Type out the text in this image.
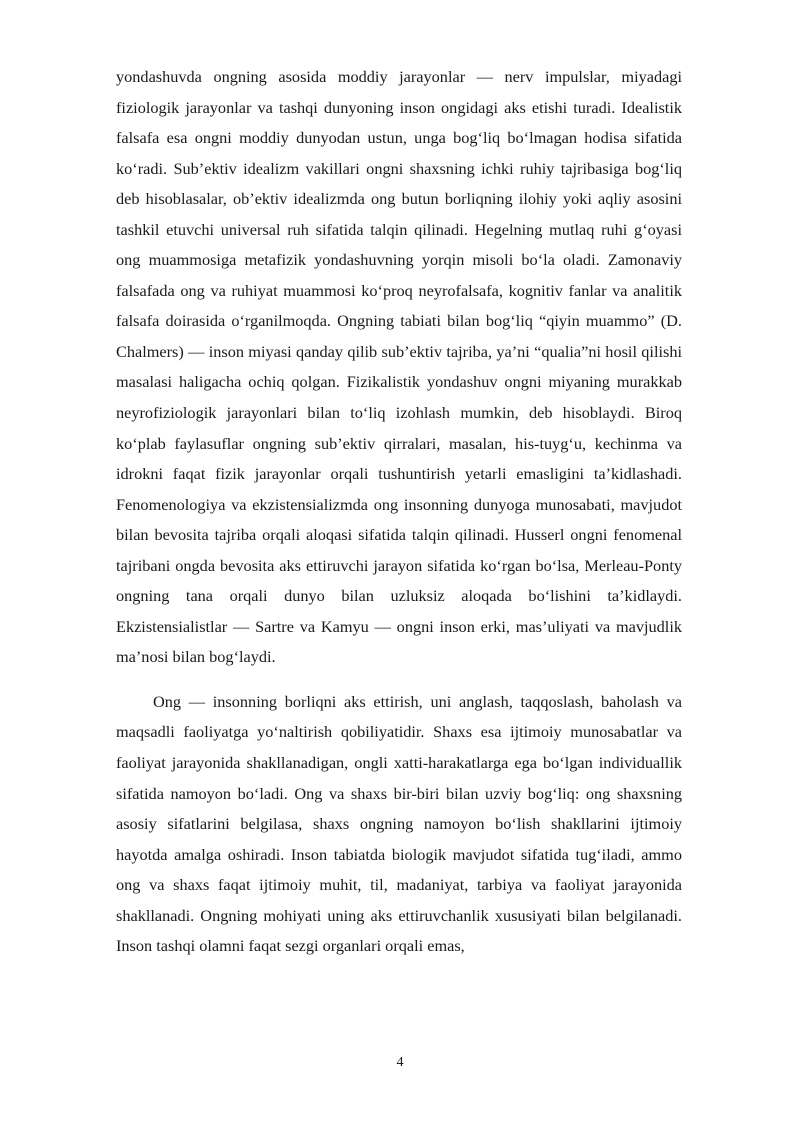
yondashuvda ongning asosida moddiy jarayonlar — nerv impulslar, miyadagi fiziologik jarayonlar va tashqi dunyoning inson ongidagi aks etishi turadi. Idealistik falsafa esa ongni moddiy dunyodan ustun, unga bog‘liq bo‘lmagan hodisa sifatida ko‘radi. Sub’ektiv idealizm vakillari ongni shaxsning ichki ruhiy tajribasiga bog‘liq deb hisoblasalar, ob’ektiv idealizmda ong butun borliqning ilohiy yoki aqliy asosini tashkil etuvchi universal ruh sifatida talqin qilinadi. Hegelning mutlaq ruhi g‘oyasi ong muammosiga metafizik yondashuvning yorqin misoli bo‘la oladi. Zamonaviy falsafada ong va ruhiyat muammosi ko‘proq neyrofalsafa, kognitiv fanlar va analitik falsafa doirasida o‘rganilmoqda. Ongning tabiati bilan bog‘liq “qiyin muammo” (D. Chalmers) — inson miyasi qanday qilib sub’ektiv tajriba, ya’ni “qualia”ni hosil qilishi masalasi haligacha ochiq qolgan. Fizikalistik yondashuv ongni miyaning murakkab neyrofiziologik jarayonlari bilan to‘liq izohlash mumkin, deb hisoblaydi. Biroq ko‘plab faylasuflar ongning sub’ektiv qirralari, masalan, his-tuyg‘u, kechinma va idrokni faqat fizik jarayonlar orqali tushuntirish yetarli emasligini ta’kidlashadi. Fenomenologiya va ekzistensializmda ong insonning dunyoga munosabati, mavjudot bilan bevosita tajriba orqali aloqasi sifatida talqin qilinadi. Husserl ongni fenomenal tajribani ongda bevosita aks ettiruvchi jarayon sifatida ko‘rgan bo‘lsa, Merleau-Ponty ongning tana orqali dunyo bilan uzluksiz aloqada bo‘lishini ta’kidlaydi. Ekzistensialistlar — Sartre va Kamyu — ongni inson erki, mas’uliyati va mavjudlik ma’nosi bilan bog‘laydi.

Ong — insonning borliqni aks ettirish, uni anglash, taqqoslash, baholash va maqsadli faoliyatga yo‘naltirish qobiliyatidir. Shaxs esa ijtimoiy munosabatlar va faoliyat jarayonida shakllanadigan, ongli xatti-harakatlarga ega bo‘lgan individuallik sifatida namoyon bo‘ladi. Ong va shaxs bir-biri bilan uzviy bog‘liq: ong shaxsning asosiy sifatlarini belgilasa, shaxs ongning namoyon bo‘lish shakllarini ijtimoiy hayotda amalga oshiradi. Inson tabiatda biologik mavjudot sifatida tug‘iladi, ammo ong va shaxs faqat ijtimoiy muhit, til, madaniyat, tarbiya va faoliyat jarayonida shakllanadi. Ongning mohiyati uning aks ettiruvchanlik xususiyati bilan belgilanadi. Inson tashqi olamni faqat sezgi organlari orqali emas,

4
